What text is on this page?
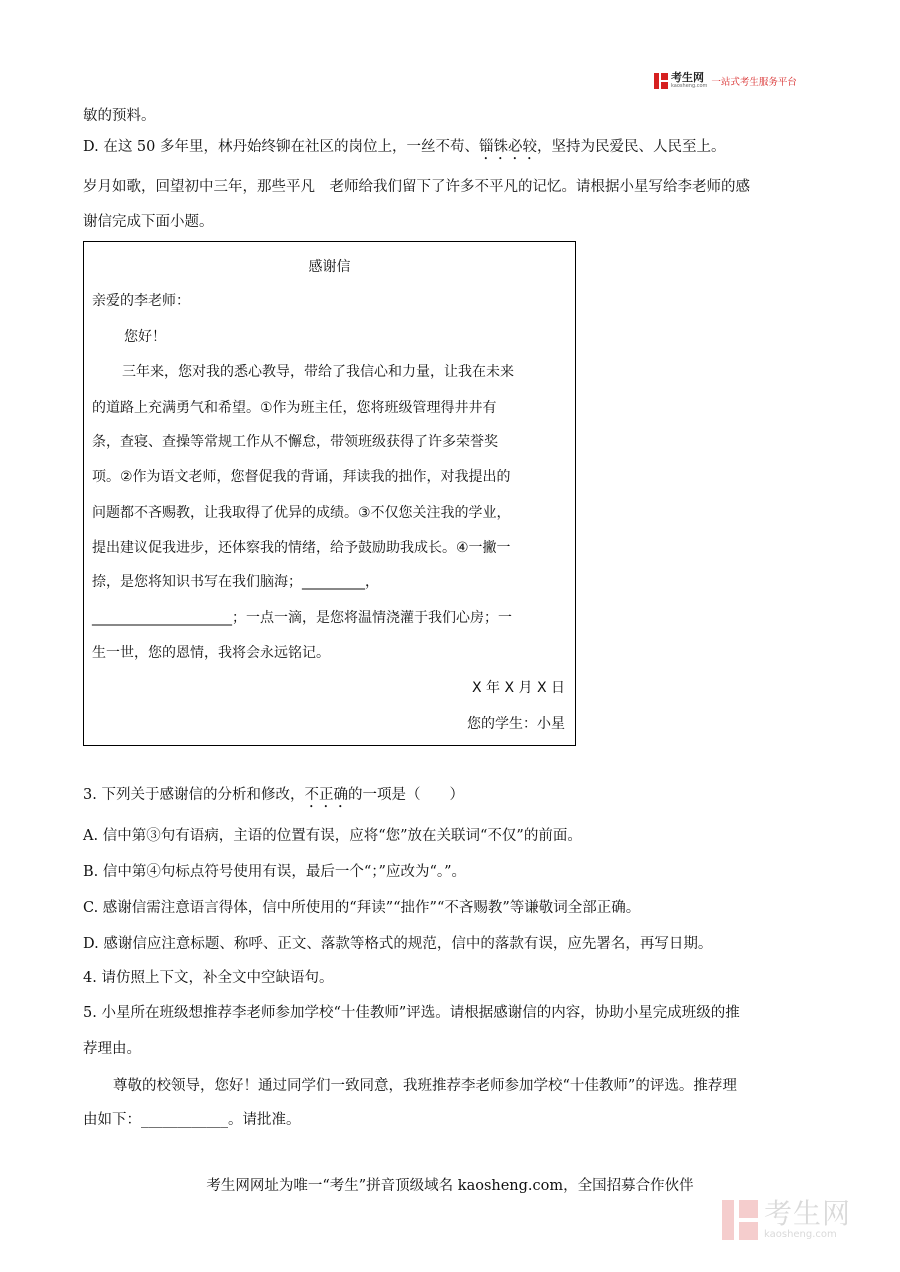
考生网
kaosheng.com 一站式考生服务平台
敏的预料。
D. 在这 50 多年里，林丹始终铆在社区的岗位上，一丝不苟、锱铢必较，坚持为民爱民、人民至上。
岁月如歌，回望初中三年，那些平凡　老师给我们留下了许多不平凡的记忆。请根据小星写给李老师的感
谢信完成下面小题。
感谢信
亲爱的李老师：
您好！
三年来，您对我的悉心教导，带给了我信心和力量，让我在未来
的道路上充满勇气和希望。①作为班主任，您将班级管理得井井有
条，查寝、查操等常规工作从不懈怠，带领班级获得了许多荣誉奖
项。②作为语文老师，您督促我的背诵，拜读我的拙作，对我提出的
问题都不吝赐教，让我取得了优异的成绩。③不仅您关注我的学业，
提出建议促我进步，还体察我的情绪，给予鼓励助我成长。④一撇一
捺，是您将知识书写在我们脑海；_________，
____________________；一点一滴，是您将温情浇灌于我们心房；一
生一世，您的恩情，我将会永远铭记。
X 年 X 月 X 日
您的学生：小星
3. 下列关于感谢信的分析和修改，不正确的一项是（　　）
A. 信中第③句有语病，主语的位置有误，应将“您”放在关联词“不仅”的前面。
B. 信中第④句标点符号使用有误，最后一个“；”应改为“。”。
C. 感谢信需注意语言得体，信中所使用的“拜读”“拙作”“不吝赐教”等谦敬词全部正确。
D. 感谢信应注意标题、称呼、正文、落款等格式的规范，信中的落款有误，应先署名，再写日期。
4. 请仿照上下文，补全文中空缺语句。
5. 小星所在班级想推荐李老师参加学校“十佳教师”评选。请根据感谢信的内容，协助小星完成班级的推
荐理由。
尊敬的校领导，您好！通过同学们一致同意，我班推荐李老师参加学校“十佳教师”的评选。推荐理
由如下：____________。请批准。
考生网网址为唯一“考生”拼音顶级域名 kaosheng.com，全国招募合作伙伴
考生网
kaosheng.com
